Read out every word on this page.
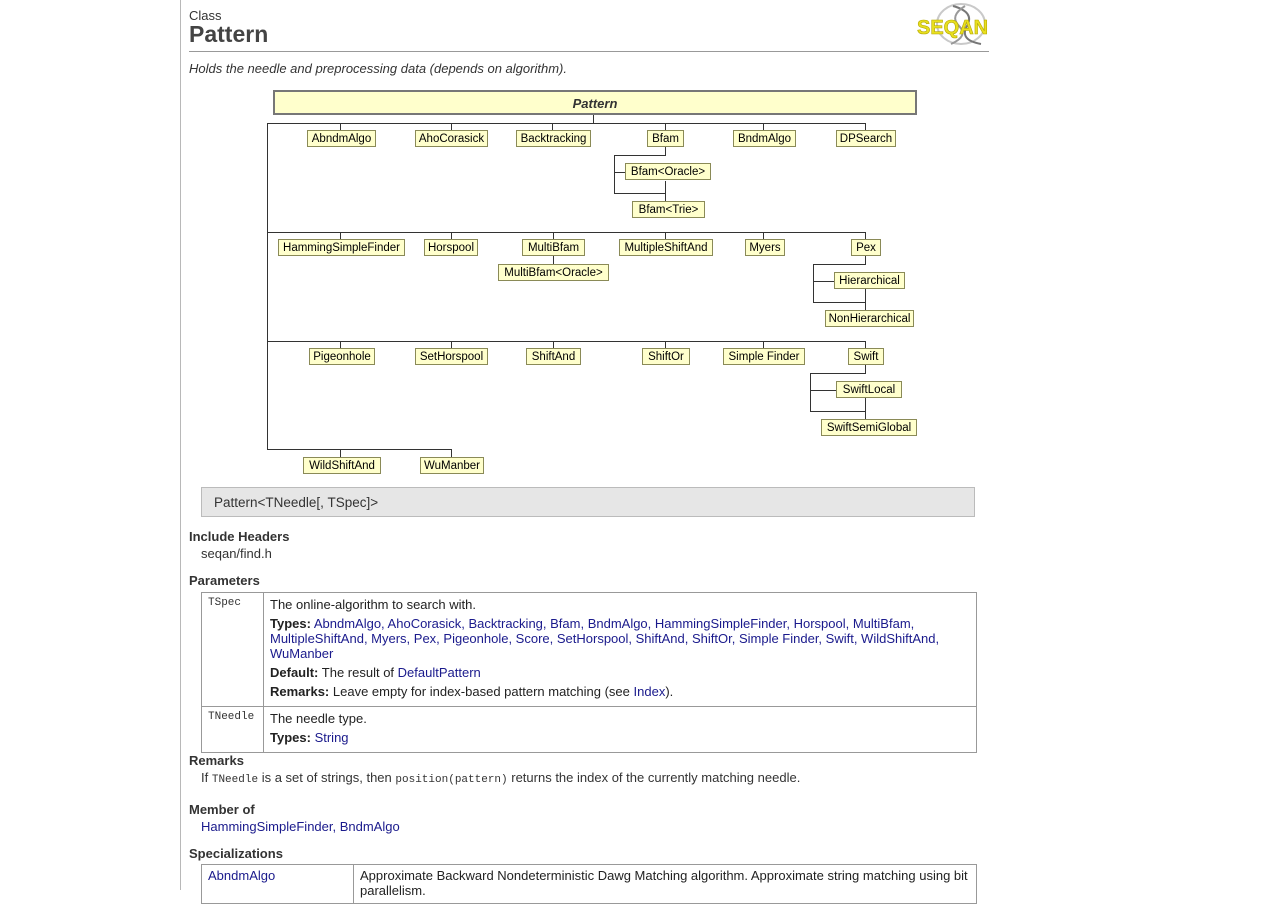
Class
Pattern	SEQAN
Holds the needle and preprocessing data (depends on algorithm).
Pattern
AbndmAlgo	AhoCorasick	Backtracking	Bfam	BndmAlgo	DPSearch
Bfam<Oracle>
Bfam<Trie>
HammingSimpleFinder	Horspool	MultiBfam	MultipleShiftAnd	Myers	Pex
MultiBfam<Oracle>
Hierarchical
NonHierarchical
Pigeonhole	SetHorspool	ShiftAnd	ShiftOr	Simple Finder	Swift
SwiftLocal
SwiftSemiGlobal
WildShiftAnd	WuManber
Pattern<TNeedle[, TSpec]>
Include Headers
seqan/find.h
Parameters
TSpec	The online-algorithm to search with.
Types: AbndmAlgo, AhoCorasick, Backtracking, Bfam, BndmAlgo, HammingSimpleFinder, Horspool, MultiBfam, MultipleShiftAnd, Myers, Pex, Pigeonhole, Score, SetHorspool, ShiftAnd, ShiftOr, Simple Finder, Swift, WildShiftAnd, WuManber
Default: The result of DefaultPattern
Remarks: Leave empty for index-based pattern matching (see Index).
TNeedle	The needle type.
Types: String
Remarks
If TNeedle is a set of strings, then position(pattern) returns the index of the currently matching needle.
Member of
HammingSimpleFinder, BndmAlgo
Specializations
AbndmAlgo	Approximate Backward Nondeterministic Dawg Matching algorithm. Approximate string matching using bit parallelism.
